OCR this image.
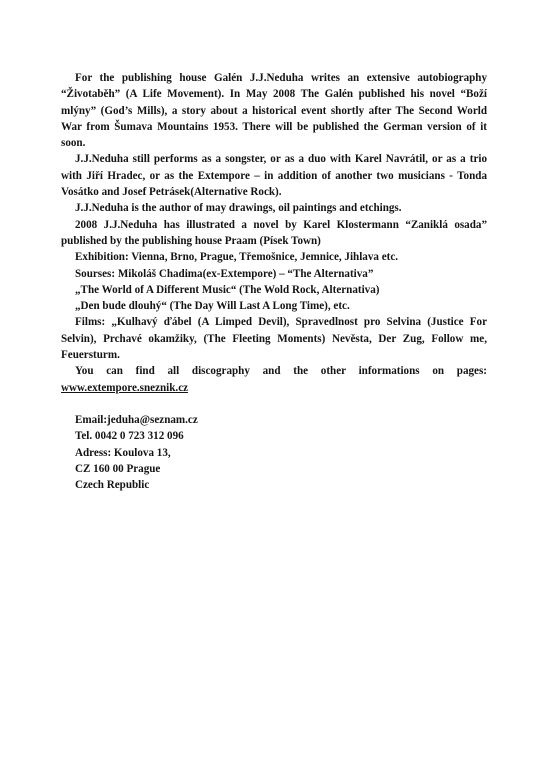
For the publishing house Galén J.J.Neduha writes an extensive autobiography “Životaběh” (A Life Movement). In May 2008 The Galén published his novel “Boží mlýny” (God’s Mills), a story about a historical event shortly after The Second World War from Šumava Mountains 1953. There will be published the German version of it soon.

J.J.Neduha still performs as a songster, or as a duo with Karel Navrátil, or as a trio with Jiří Hradec, or as the Extempore – in addition of another two musicians - Tonda Vosátko and Josef Petrásek(Alternative Rock).

J.J.Neduha is the author of may drawings, oil paintings and etchings.

2008 J.J.Neduha has illustrated a novel by Karel Klostermann “Zaniklá osada” published by the publishing house Praam (Písek Town)

Exhibition: Vienna, Brno, Prague, Třemošnice, Jemnice, Jihlava etc.

Sourses: Mikoláš Chadima(ex-Extempore) – “The Alternativa”

„The World of A Different Music“ (The Wold Rock, Alternativa)

„Den bude dlouhý“ (The Day Will Last A Long Time), etc.

Films: „Kulhavý ďábel (A Limped Devil), Spravedlnost pro Selvina (Justice For Selvin), Prchavé okamžiky, (The Fleeting Moments) Nevěsta, Der Zug, Follow me, Feuersturm.

You can find all discography and the other informations on pages:

www.extempore.sneznik.cz
Email:jeduha@seznam.cz
Tel. 0042 0 723 312 096
Adress: Koulova 13,
CZ 160 00 Prague
Czech Republic
